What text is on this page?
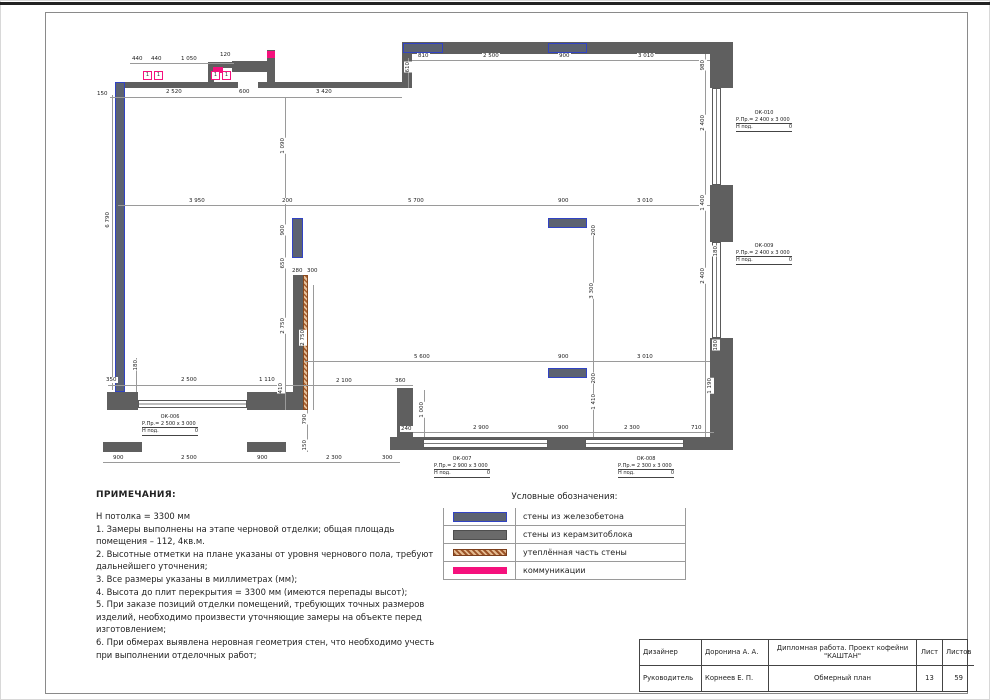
1	1	1	1
440 440	1 050
120
2 520	600	3 420
150
810	2 500	900	3 010
610	980
2 400
1 400
2 400
180
180
1 190
3 950	200	5 700	900	3 010
6 790
1 090
900
650
280 300
2 750
2 750
3 300
200
200
1 410
5 600	900	3 010
350	2 500	1 110	2 100	360
180
410
790
150
1 000
240	2 900	900	2 300	710
900	2 500	900	2 300	300
ОК-006
Р.Пр.= 2 500 x 3 000
Н под.	0
ОК-007
Р.Пр.= 2 900 x 3 000
Н под.	0
ОК-008
Р.Пр.= 2 300 x 3 000
Н под.	0
ОК-009
Р.Пр.= 2 400 x 3 000
Н под.	0
ОК-010
Р.Пр.= 2 400 x 3 000
Н под.	0
ПРИМЕЧАНИЯ:
Н потолка = 3300 мм
1. Замеры выполнены на этапе черновой отделки; общая площадь помещения – 112, 4кв.м.
2. Высотные отметки на плане указаны от уровня чернового пола, требуют дальнейшего уточнения;
3. Все размеры указаны в миллиметрах (мм);
4. Высота до плит перекрытия = 3300 мм (имеются перепады высот);
5. При заказе позиций отделки помещений, требующих точных размеров изделий, необходимо произвести уточняющие замеры на объекте перед изготовлением;
6. При обмерах выявлена неровная геометрия стен, что необходимо учесть при выполнении отделочных работ;
Условные обозначения:
стены из железобетона
стены из керамзитоблока
утеплённая часть стены
коммуникации
Дизайнер	Доронина А. А.	Дипломная работа. Проект кофейни "КАШТАН"	Лист	Листов
Руководитель	Корнеев Е. П.	Обмерный план	13	59
